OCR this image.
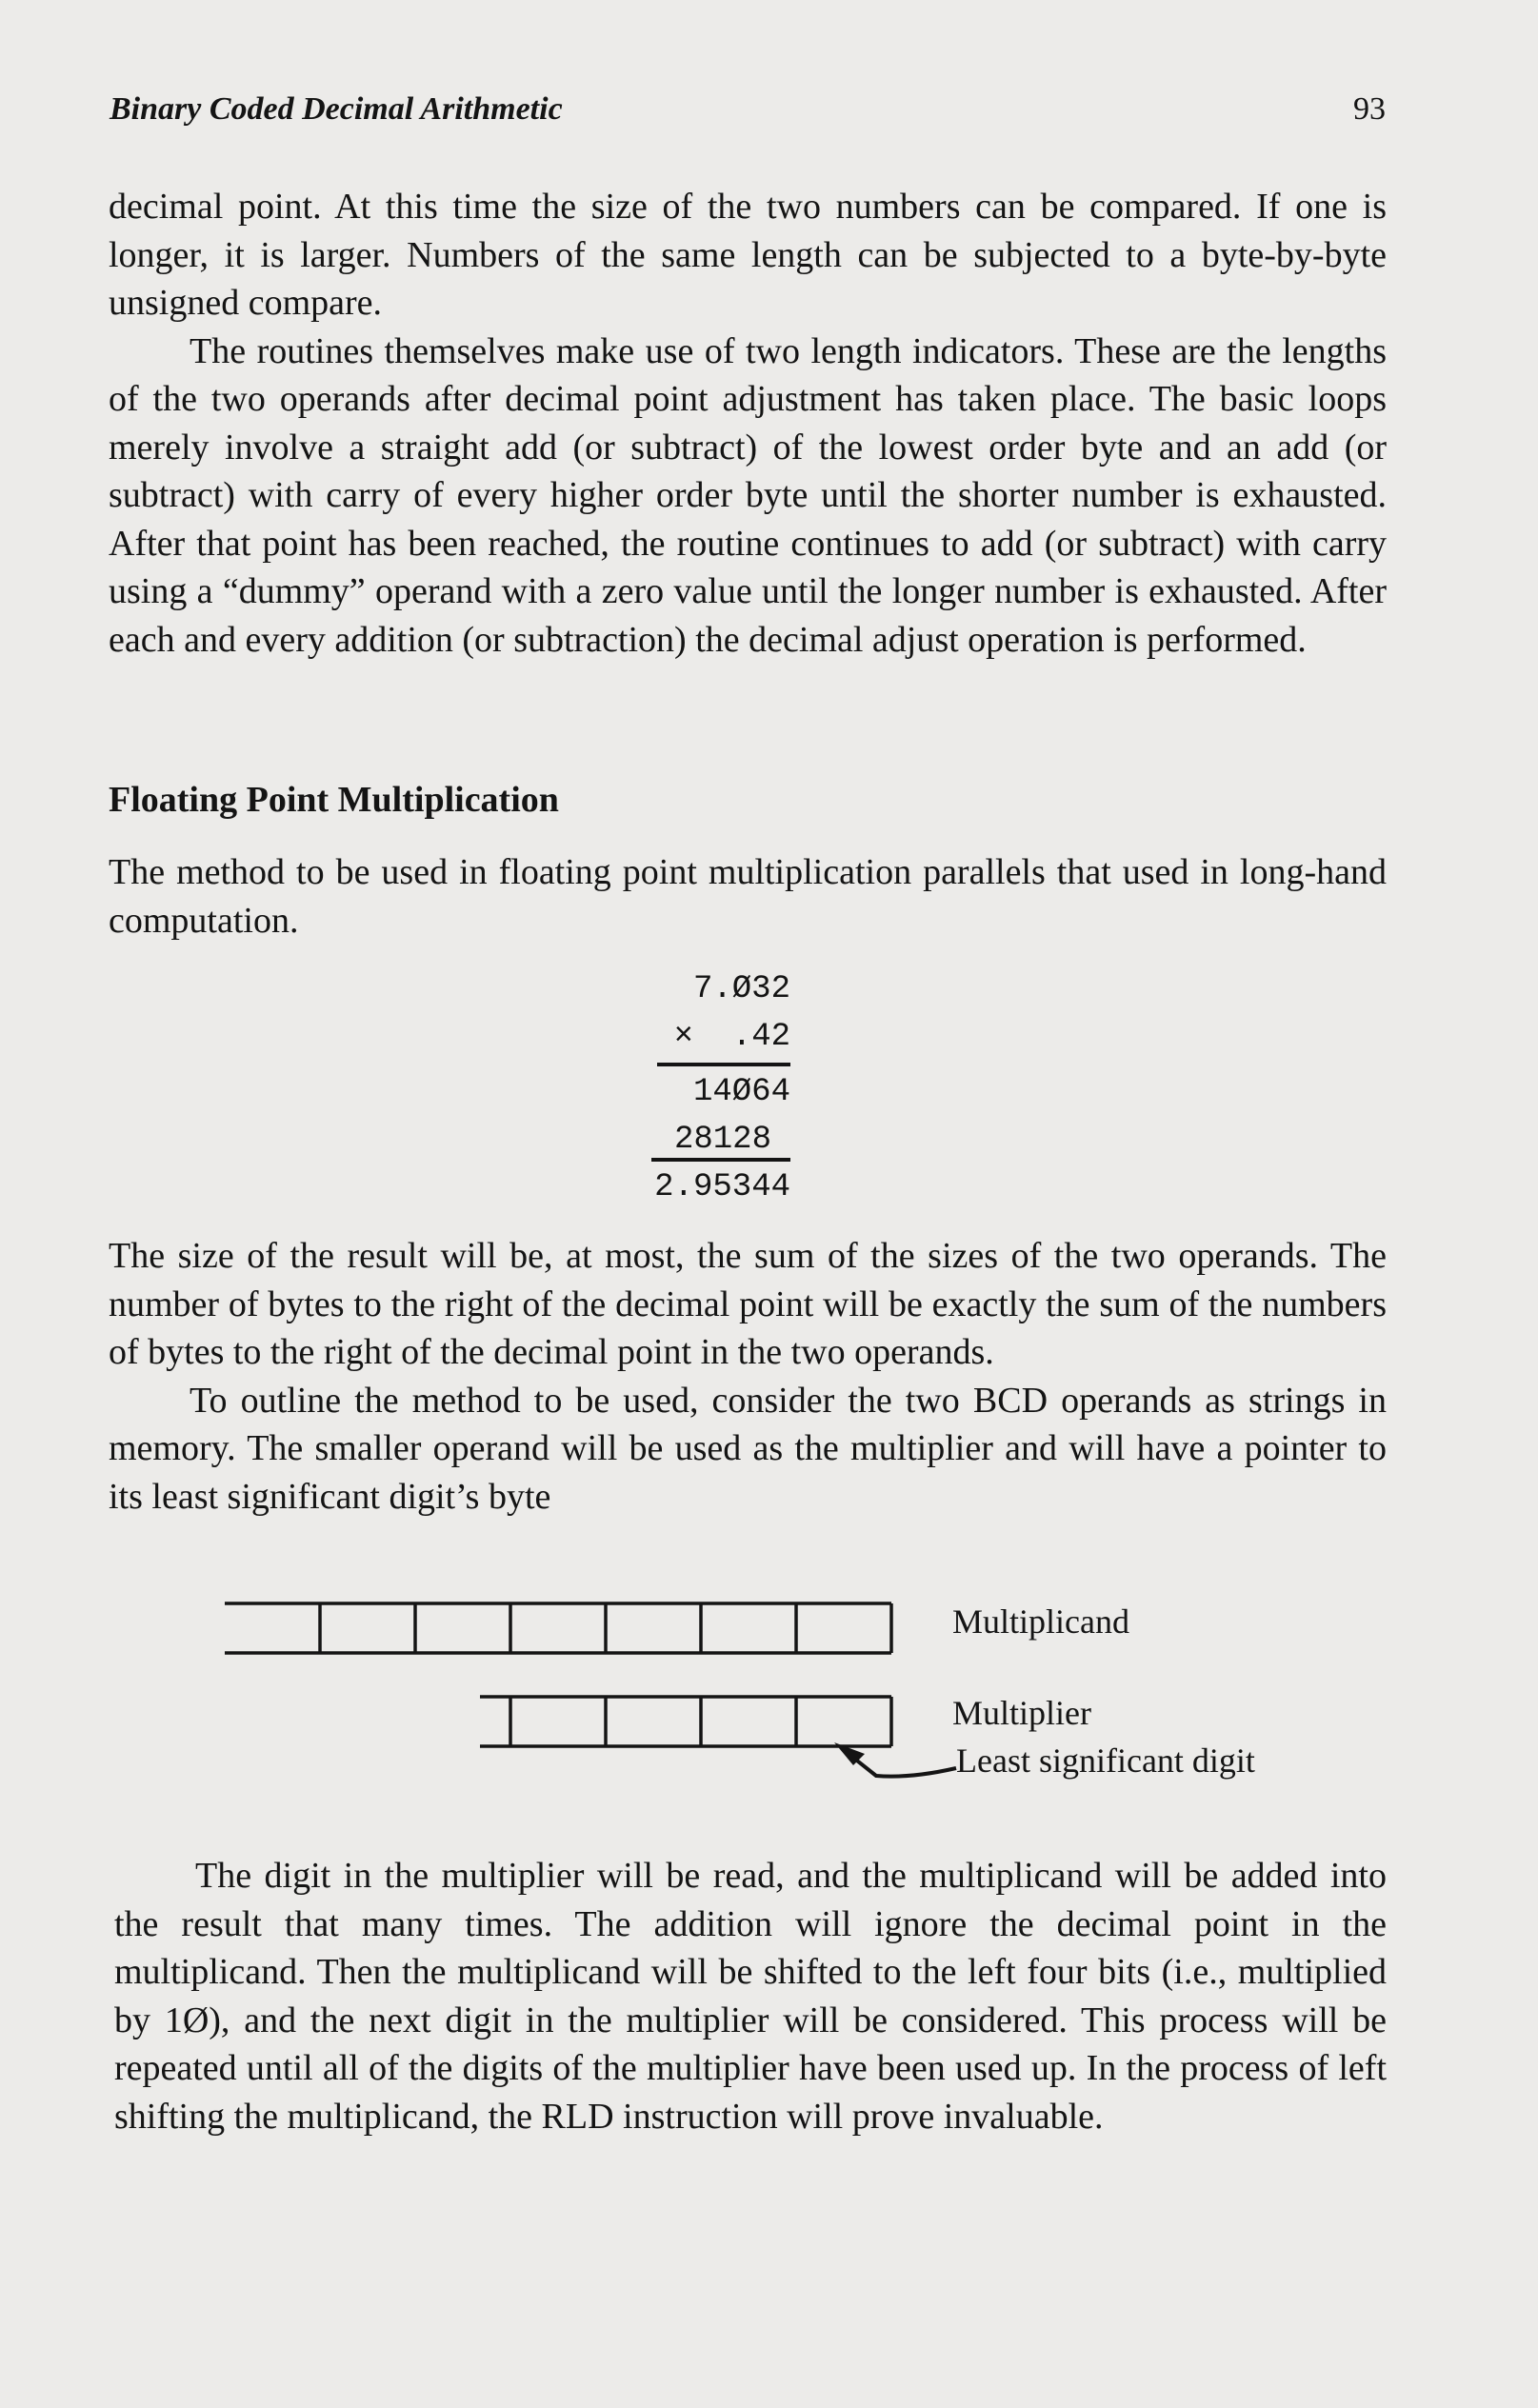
Binary Coded Decimal Arithmetic	93

decimal point. At this time the size of the two numbers can be compared. If one is longer, it is larger. Numbers of the same length can be subjected to a byte-by-byte unsigned compare.

The routines themselves make use of two length indicators. These are the lengths of the two operands after decimal point adjustment has taken place. The basic loops merely involve a straight add (or subtract) of the lowest order byte and an add (or subtract) with carry of every higher order byte until the shorter number is exhausted. After that point has been reached, the routine continues to add (or subtract) with carry using a “dummy” operand with a zero value until the longer number is exhausted. After each and every addition (or subtraction) the decimal adjust operation is performed.

Floating Point Multiplication

The method to be used in floating point multiplication parallels that used in long-hand computation.

7.Ø32
×  .42
14Ø64
28128
2.95344

The size of the result will be, at most, the sum of the sizes of the two operands. The number of bytes to the right of the decimal point will be exactly the sum of the numbers of bytes to the right of the decimal point in the two operands.

To outline the method to be used, consider the two BCD operands as strings in memory. The smaller operand will be used as the multiplier and will have a pointer to its least significant digit’s byte

Multiplicand
Multiplier
Least significant digit

The digit in the multiplier will be read, and the multiplicand will be added into the result that many times. The addition will ignore the decimal point in the multiplicand. Then the multiplicand will be shifted to the left four bits (i.e., multiplied by 1Ø), and the next digit in the multiplier will be considered. This process will be repeated until all of the digits of the multiplier have been used up. In the process of left shifting the multiplicand, the RLD instruction will prove invaluable.
